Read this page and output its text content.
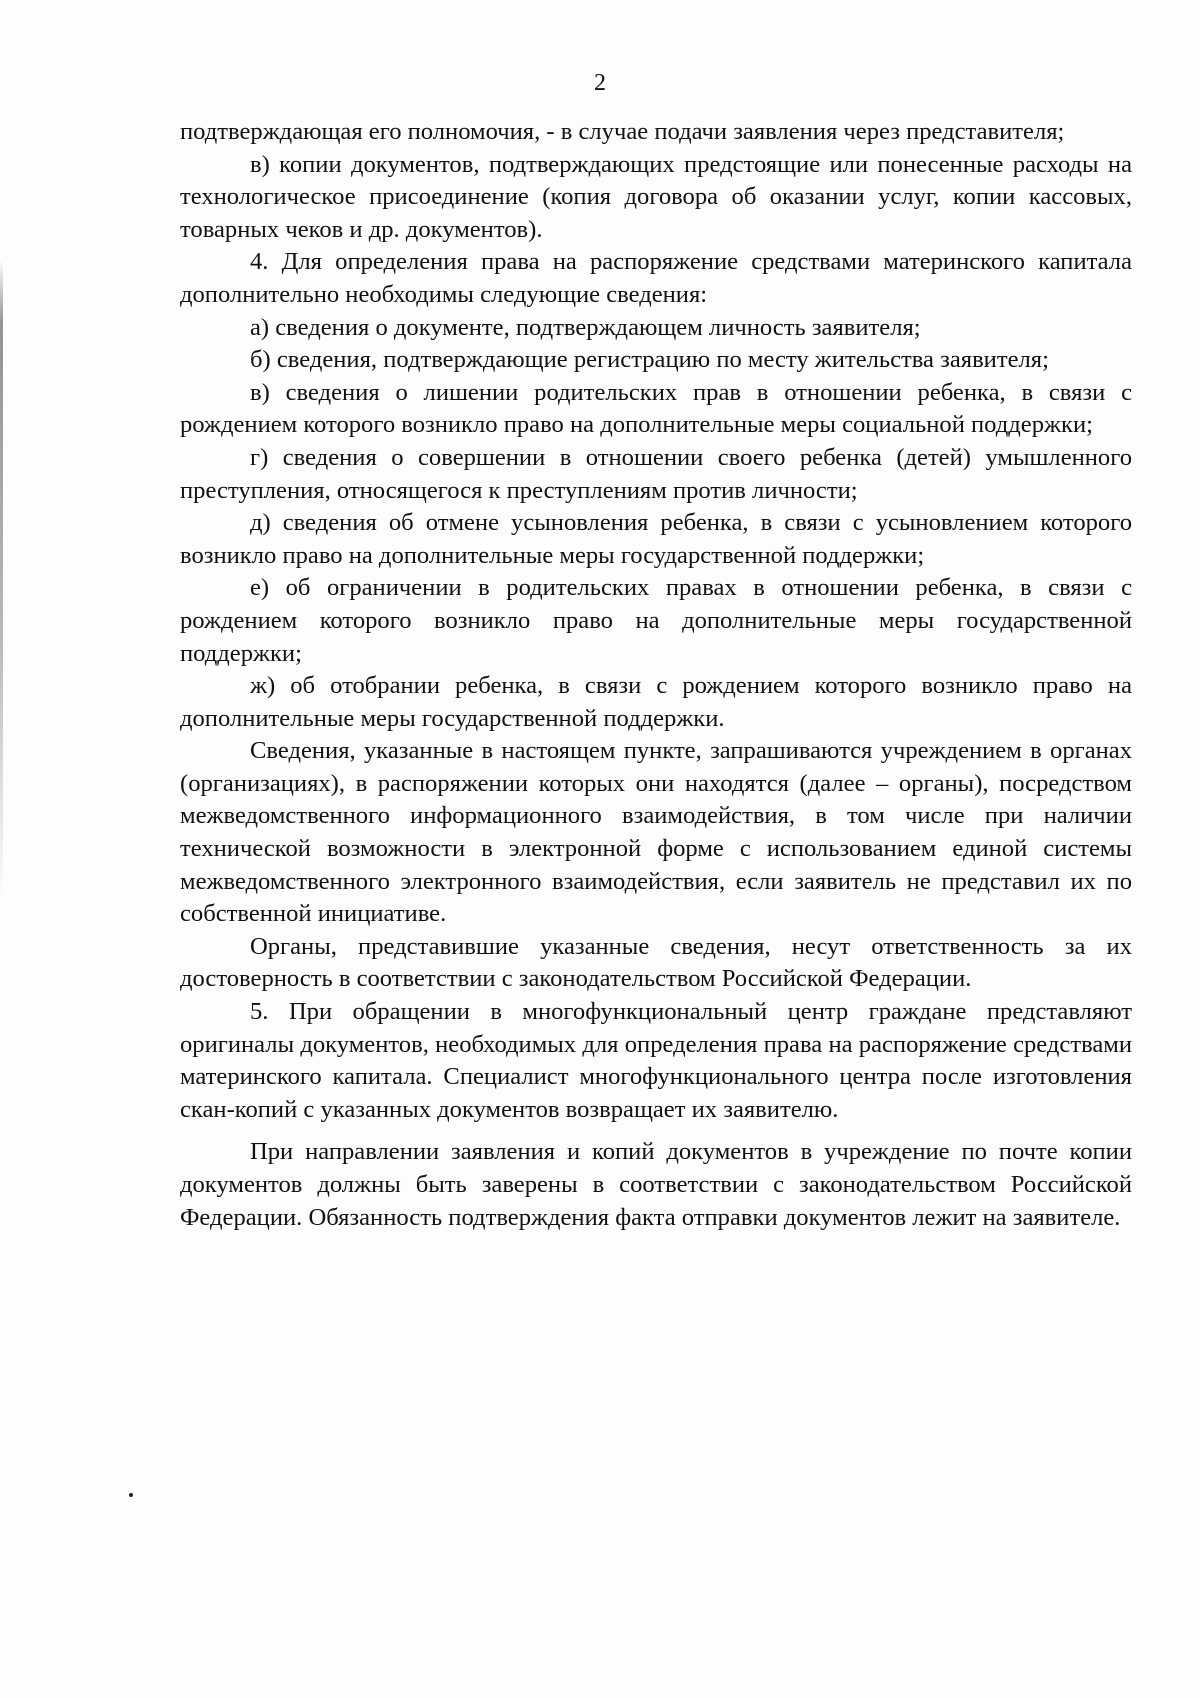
2

подтверждающая его полномочия, - в случае подачи заявления через представителя;

в) копии документов, подтверждающих предстоящие или понесенные расходы на технологическое присоединение (копия договора об оказании услуг, копии кассовых, товарных чеков и др. документов).

4. Для определения права на распоряжение средствами материнского капитала дополнительно необходимы следующие сведения:

а) сведения о документе, подтверждающем личность заявителя;

б) сведения, подтверждающие регистрацию по месту жительства заявителя;

в) сведения о лишении родительских прав в отношении ребенка, в связи с рождением которого возникло право на дополнительные меры социальной поддержки;

г) сведения о совершении в отношении своего ребенка (детей) умышленного преступления, относящегося к преступлениям против личности;

д) сведения об отмене усыновления ребенка, в связи с усыновлением которого возникло право на дополнительные меры государственной поддержки;

е) об ограничении в родительских правах в отношении ребенка, в связи с рождением которого возникло право на дополнительные меры государственной поддержки;

ж) об отобрании ребенка, в связи с рождением которого возникло право на дополнительные меры государственной поддержки.

Сведения, указанные в настоящем пункте, запрашиваются учреждением в органах (организациях), в распоряжении которых они находятся (далее – органы), посредством межведомственного информационного взаимодействия, в том числе при наличии технической возможности в электронной форме с использованием единой системы межведомственного электронного взаимодействия, если заявитель не представил их по собственной инициативе.

Органы, представившие указанные сведения, несут ответственность за их достоверность в соответствии с законодательством Российской Федерации.

5. При обращении в многофункциональный центр граждане представляют оригиналы документов, необходимых для определения права на распоряжение средствами материнского капитала. Специалист многофункционального центра после изготовления скан-копий с указанных документов возвращает их заявителю.

При направлении заявления и копий документов в учреждение по почте копии документов должны быть заверены в соответствии с законодательством Российской Федерации. Обязанность подтверждения факта отправки документов лежит на заявителе.
